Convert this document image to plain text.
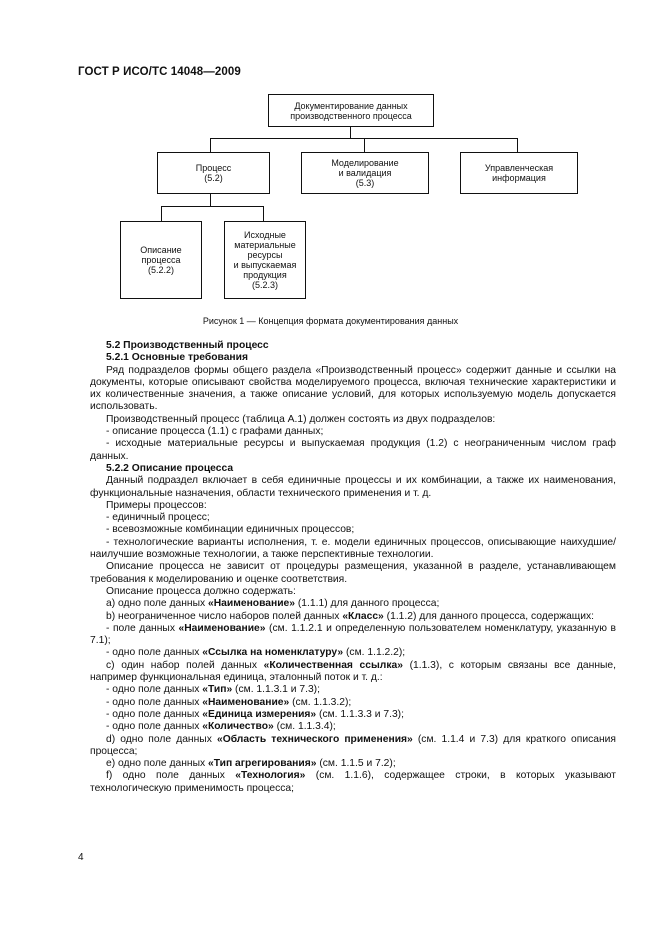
ГОСТ Р ИСО/ТС 14048—2009
Документирование данных
производственного процесса
Процесс
(5.2)
Моделирование
и валидация
(5.3)
Управленческая
информация
Описание
процесса
(5.2.2)
Исходные
материальные
ресурсы
и выпускаемая
продукция
(5.2.3)
Рисунок 1 — Концепция формата документирования данных

5.2 Производственный процесс

5.2.1 Основные требования

Ряд подразделов формы общего раздела «Производственный процесс» содержит данные и ссылки на документы, которые описывают свойства моделируемого процесса, включая технические характеристики и их количественные значения, а также описание условий, для которых используемую модель допускается использовать.

Производственный процесс (таблица А.1) должен состоять из двух подразделов:

- описание процесса (1.1) с графами данных;

- исходные материальные ресурсы и выпускаемая продукция (1.2) с неограниченным числом граф данных.

5.2.2 Описание процесса

Данный подраздел включает в себя единичные процессы и их комбинации, а также их наименования, функциональные назначения, области технического применения и т. д.

Примеры процессов:

- единичный процесс;

- всевозможные комбинации единичных процессов;

- технологические варианты исполнения, т. е. модели единичных процессов, описывающие наихудшие/наилучшие возможные технологии, а также перспективные технологии.

Описание процесса не зависит от процедуры размещения, указанной в разделе, устанавливающем требования к моделированию и оценке соответствия.

Описание процесса должно содержать:

a) одно поле данных «Наименование» (1.1.1) для данного процесса;

b) неограниченное число наборов полей данных «Класс» (1.1.2) для данного процесса, содержащих:

- поле данных «Наименование» (см. 1.1.2.1 и определенную пользователем номенклатуру, указанную в 7.1);

- одно поле данных «Ссылка на номенклатуру» (см. 1.1.2.2);

c) один набор полей данных «Количественная ссылка» (1.1.3), с которым связаны все данные, например функциональная единица, эталонный поток и т. д.:

- одно поле данных «Тип» (см. 1.1.3.1 и 7.3);

- одно поле данных «Наименование» (см. 1.1.3.2);

- одно поле данных «Единица измерения» (см. 1.1.3.3 и 7.3);

- одно поле данных «Количество» (см. 1.1.3.4);

d) одно поле данных «Область технического применения» (см. 1.1.4 и 7.3) для краткого описания процесса;

e) одно поле данных «Тип агрегирования» (см. 1.1.5 и 7.2);

f) одно поле данных «Технология» (см. 1.1.6), содержащее строки, в которых указывают технологическую применимость процесса;

4
